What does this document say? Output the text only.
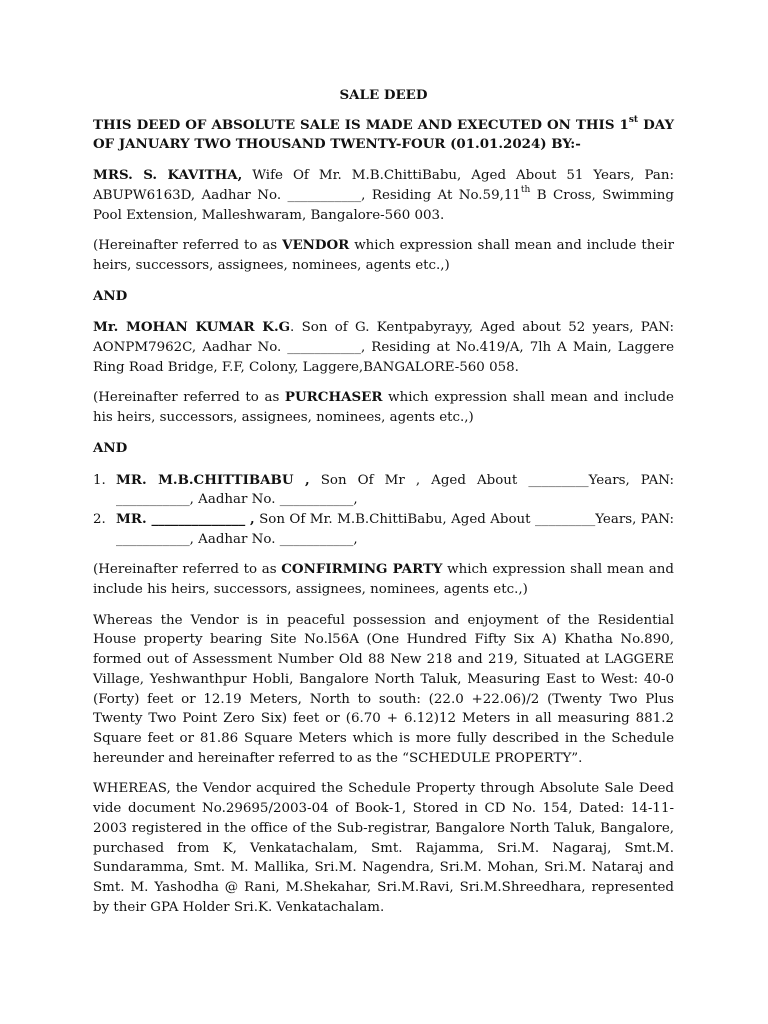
SALE DEED

THIS DEED OF ABSOLUTE SALE IS MADE AND EXECUTED ON THIS 1st DAY OF JANUARY TWO THOUSAND TWENTY-FOUR (01.01.2024) BY:-

MRS. S. KAVITHA, Wife Of Mr. M.B.ChittiBabu, Aged About 51 Years, Pan: ABUPW6163D, Aadhar No. ___________, Residing At No.59,11th B Cross, Swimming Pool Extension, Malleshwaram, Bangalore-560 003.

(Hereinafter referred to as VENDOR which expression shall mean and include their heirs, successors, assignees, nominees, agents etc.,)

AND

Mr. MOHAN KUMAR K.G. Son of G. Kentpabyrayy, Aged about 52 years, PAN: AONPM7962C, Aadhar No. ___________, Residing at No.419/A, 7lh A Main, Laggere Ring Road Bridge, F.F, Colony, Laggere,BANGALORE-560 058.

(Hereinafter referred to as PURCHASER which expression shall mean and include his heirs, successors, assignees, nominees, agents etc.,)

AND
1. MR. M.B.CHITTIBABU , Son Of Mr , Aged About _________Years, PAN: ___________, Aadhar No. ___________,
2. MR. ______________ , Son Of Mr. M.B.ChittiBabu, Aged About _________Years, PAN: ___________, Aadhar No. ___________,

(Hereinafter referred to as CONFIRMING PARTY which expression shall mean and include his heirs, successors, assignees, nominees, agents etc.,)

Whereas the Vendor is in peaceful possession and enjoyment of the Residential House property bearing Site No.l56A (One Hundred Fifty Six A) Khatha No.890, formed out of Assessment Number Old 88 New 218 and 219, Situated at LAGGERE Village, Yeshwanthpur Hobli, Bangalore North Taluk, Measuring East to West: 40-0 (Forty) feet or 12.19 Meters, North to south: (22.0 +22.06)/2 (Twenty Two Plus Twenty Two Point Zero Six) feet or (6.70 + 6.12)12 Meters in all measuring 881.2 Square feet or 81.86 Square Meters which is more fully described in the Schedule hereunder and hereinafter referred to as the “SCHEDULE PROPERTY”.

WHEREAS, the Vendor acquired the Schedule Property through Absolute Sale Deed vide document No.29695/2003-04 of Book-1, Stored in CD No. 154, Dated: 14-11-2003 registered in the office of the Sub-registrar, Bangalore North Taluk, Bangalore, purchased from K, Venkatachalam, Smt. Rajamma, Sri.M. Nagaraj, Smt.M. Sundaramma, Smt. M. Mallika, Sri.M. Nagendra, Sri.M. Mohan, Sri.M. Nataraj and Smt. M. Yashodha @ Rani, M.Shekahar, Sri.M.Ravi, Sri.M.Shreedhara, represented by their GPA Holder Sri.K. Venkatachalam.
